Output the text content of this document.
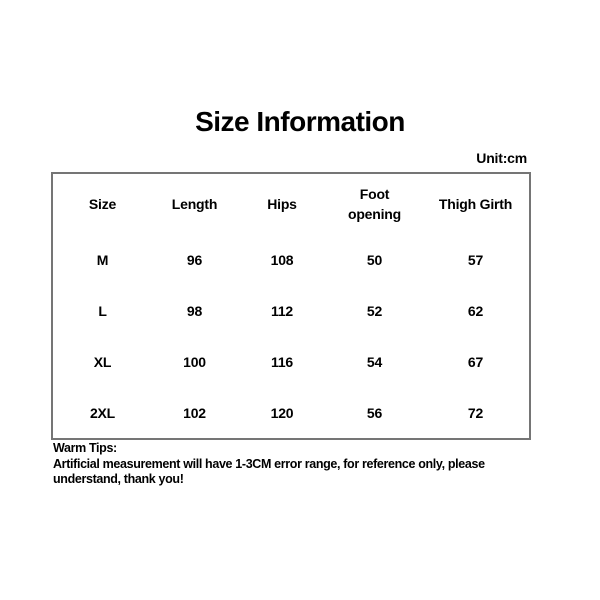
Size Information
Unit:cm
Size	Length	Hips	Foot opening	Thigh Girth
M	96	108	50	57
L	98	112	52	62
XL	100	116	54	67
2XL	102	120	56	72
Warm Tips:
Artificial measurement will have 1-3CM error range, for reference only, please
understand, thank you!
